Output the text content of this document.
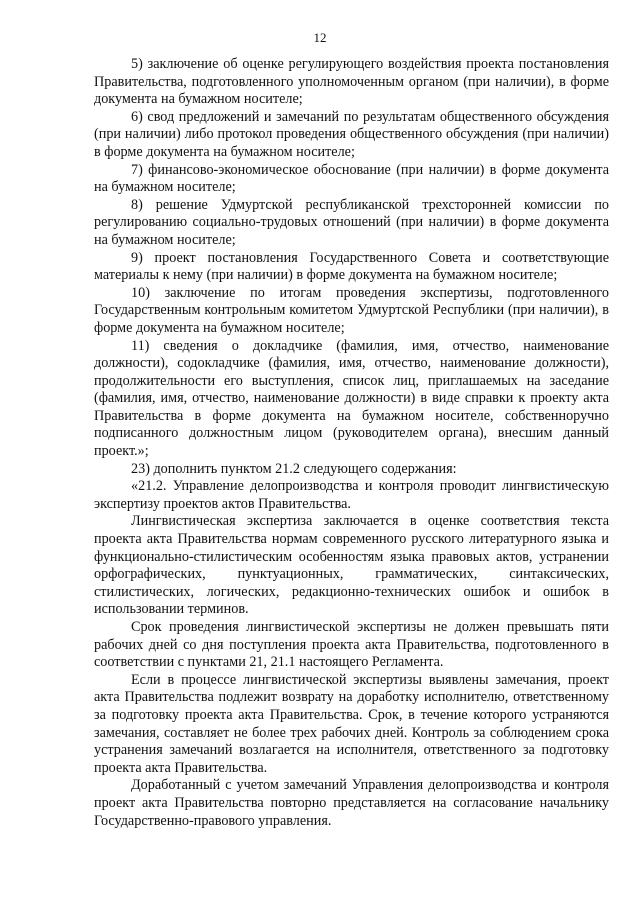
12

5) заключение об оценке регулирующего воздействия проекта постановления Правительства, подготовленного уполномоченным органом (при наличии), в форме документа на бумажном носителе;

6) свод предложений и замечаний по результатам общественного обсуждения (при наличии) либо протокол проведения общественного обсуждения (при наличии) в форме документа на бумажном носителе;

7) финансово-экономическое обоснование (при наличии) в форме документа на бумажном носителе;

8) решение Удмуртской республиканской трехсторонней комиссии по регулированию социально-трудовых отношений (при наличии) в форме документа на бумажном носителе;

9) проект постановления Государственного Совета и соответствующие материалы к нему (при наличии) в форме документа на бумажном носителе;

10) заключение по итогам проведения экспертизы, подготовленного Государственным контрольным комитетом Удмуртской Республики (при наличии), в форме документа на бумажном носителе;

11) сведения о докладчике (фамилия, имя, отчество, наименование должности), содокладчике (фамилия, имя, отчество, наименование должности), продолжительности его выступления, список лиц, приглашаемых на заседание (фамилия, имя, отчество, наименование должности) в виде справки к проекту акта Правительства в форме документа на бумажном носителе, собственноручно подписанного должностным лицом (руководителем органа), внесшим данный проект.»;

23) дополнить пунктом 21.2 следующего содержания:

«21.2. Управление делопроизводства и контроля проводит лингвистическую экспертизу проектов актов Правительства.

Лингвистическая экспертиза заключается в оценке соответствия текста проекта акта Правительства нормам современного русского литературного языка и функционально-стилистическим особенностям языка правовых актов, устранении орфографических, пунктуационных, грамматических, синтаксических, стилистических, логических, редакционно-технических ошибок и ошибок в использовании терминов.

Срок проведения лингвистической экспертизы не должен превышать пяти рабочих дней со дня поступления проекта акта Правительства, подготовленного в соответствии с пунктами 21, 21.1 настоящего Регламента.

Если в процессе лингвистической экспертизы выявлены замечания, проект акта Правительства подлежит возврату на доработку исполнителю, ответственному за подготовку проекта акта Правительства. Срок, в течение которого устраняются замечания, составляет не более трех рабочих дней. Контроль за соблюдением срока устранения замечаний возлагается на исполнителя, ответственного за подготовку проекта акта Правительства.

Доработанный с учетом замечаний Управления делопроизводства и контроля проект акта Правительства повторно представляется на согласование начальнику Государственно-правового управления.
